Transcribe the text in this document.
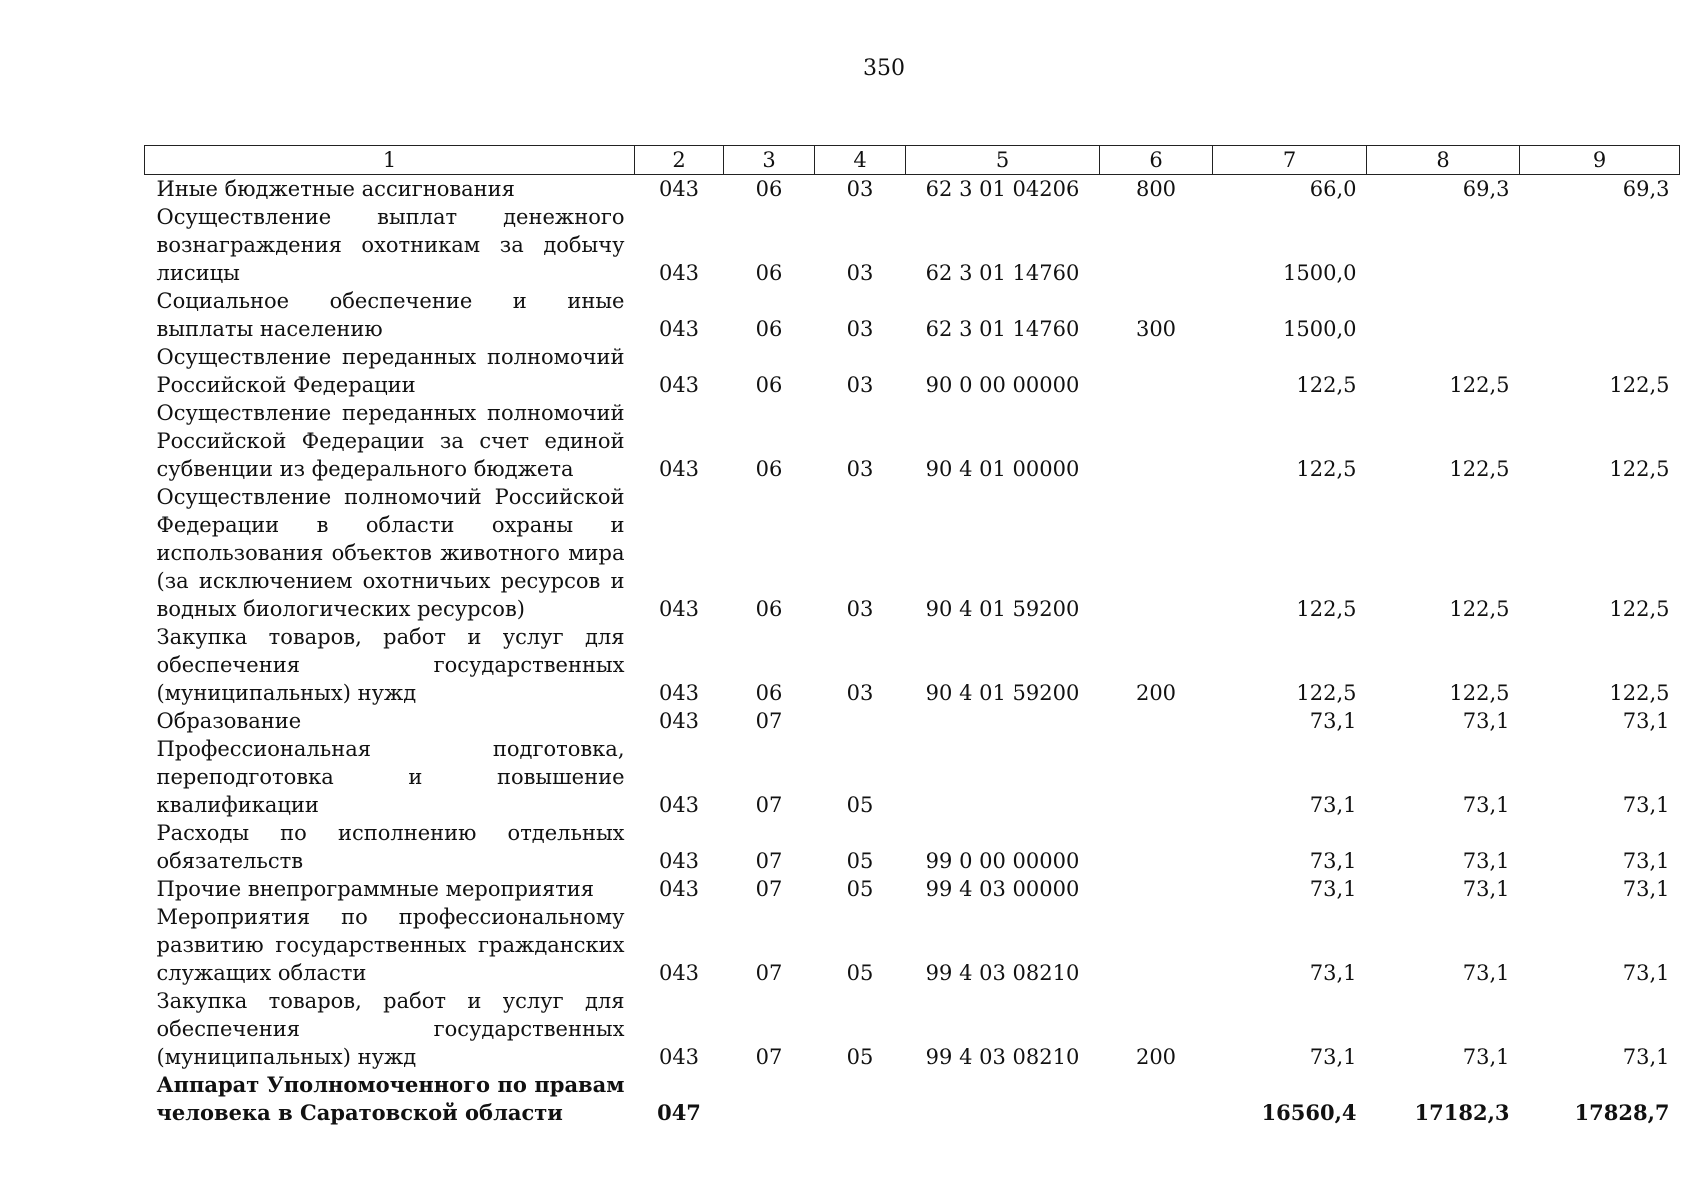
350
1	2	3	4	5	6	7	8	9
Иные бюджетные ассигнования	043	06	03	62 3 01 04206	800	66,0	69,3	69,3
Осуществление выплат денежного вознаграждения охотникам за добычу лисицы	043	06	03	62 3 01 14760		1500,0		
Социальное обеспечение и иные выплаты населению	043	06	03	62 3 01 14760	300	1500,0		
Осуществление переданных полномочий Российской Федерации	043	06	03	90 0 00 00000		122,5	122,5	122,5
Осуществление переданных полномочий Российской Федерации за счет единой субвенции из федерального бюджета	043	06	03	90 4 01 00000		122,5	122,5	122,5
Осуществление полномочий Российской Федерации в области охраны и использования объектов животного мира (за исключением охотничьих ресурсов и водных биологических ресурсов)	043	06	03	90 4 01 59200		122,5	122,5	122,5
Закупка товаров, работ и услуг для обеспечения государственных (муниципальных) нужд	043	06	03	90 4 01 59200	200	122,5	122,5	122,5
Образование	043	07				73,1	73,1	73,1
Профессиональная подготовка, переподготовка и повышение квалификации	043	07	05			73,1	73,1	73,1
Расходы по исполнению отдельных обязательств	043	07	05	99 0 00 00000		73,1	73,1	73,1
Прочие внепрограммные мероприятия	043	07	05	99 4 03 00000		73,1	73,1	73,1
Мероприятия по профессиональному развитию государственных гражданских служащих области	043	07	05	99 4 03 08210		73,1	73,1	73,1
Закупка товаров, работ и услуг для обеспечения государственных (муниципальных) нужд	043	07	05	99 4 03 08210	200	73,1	73,1	73,1
Аппарат Уполномоченного по правам человека в Саратовской области	047					16560,4	17182,3	17828,7
